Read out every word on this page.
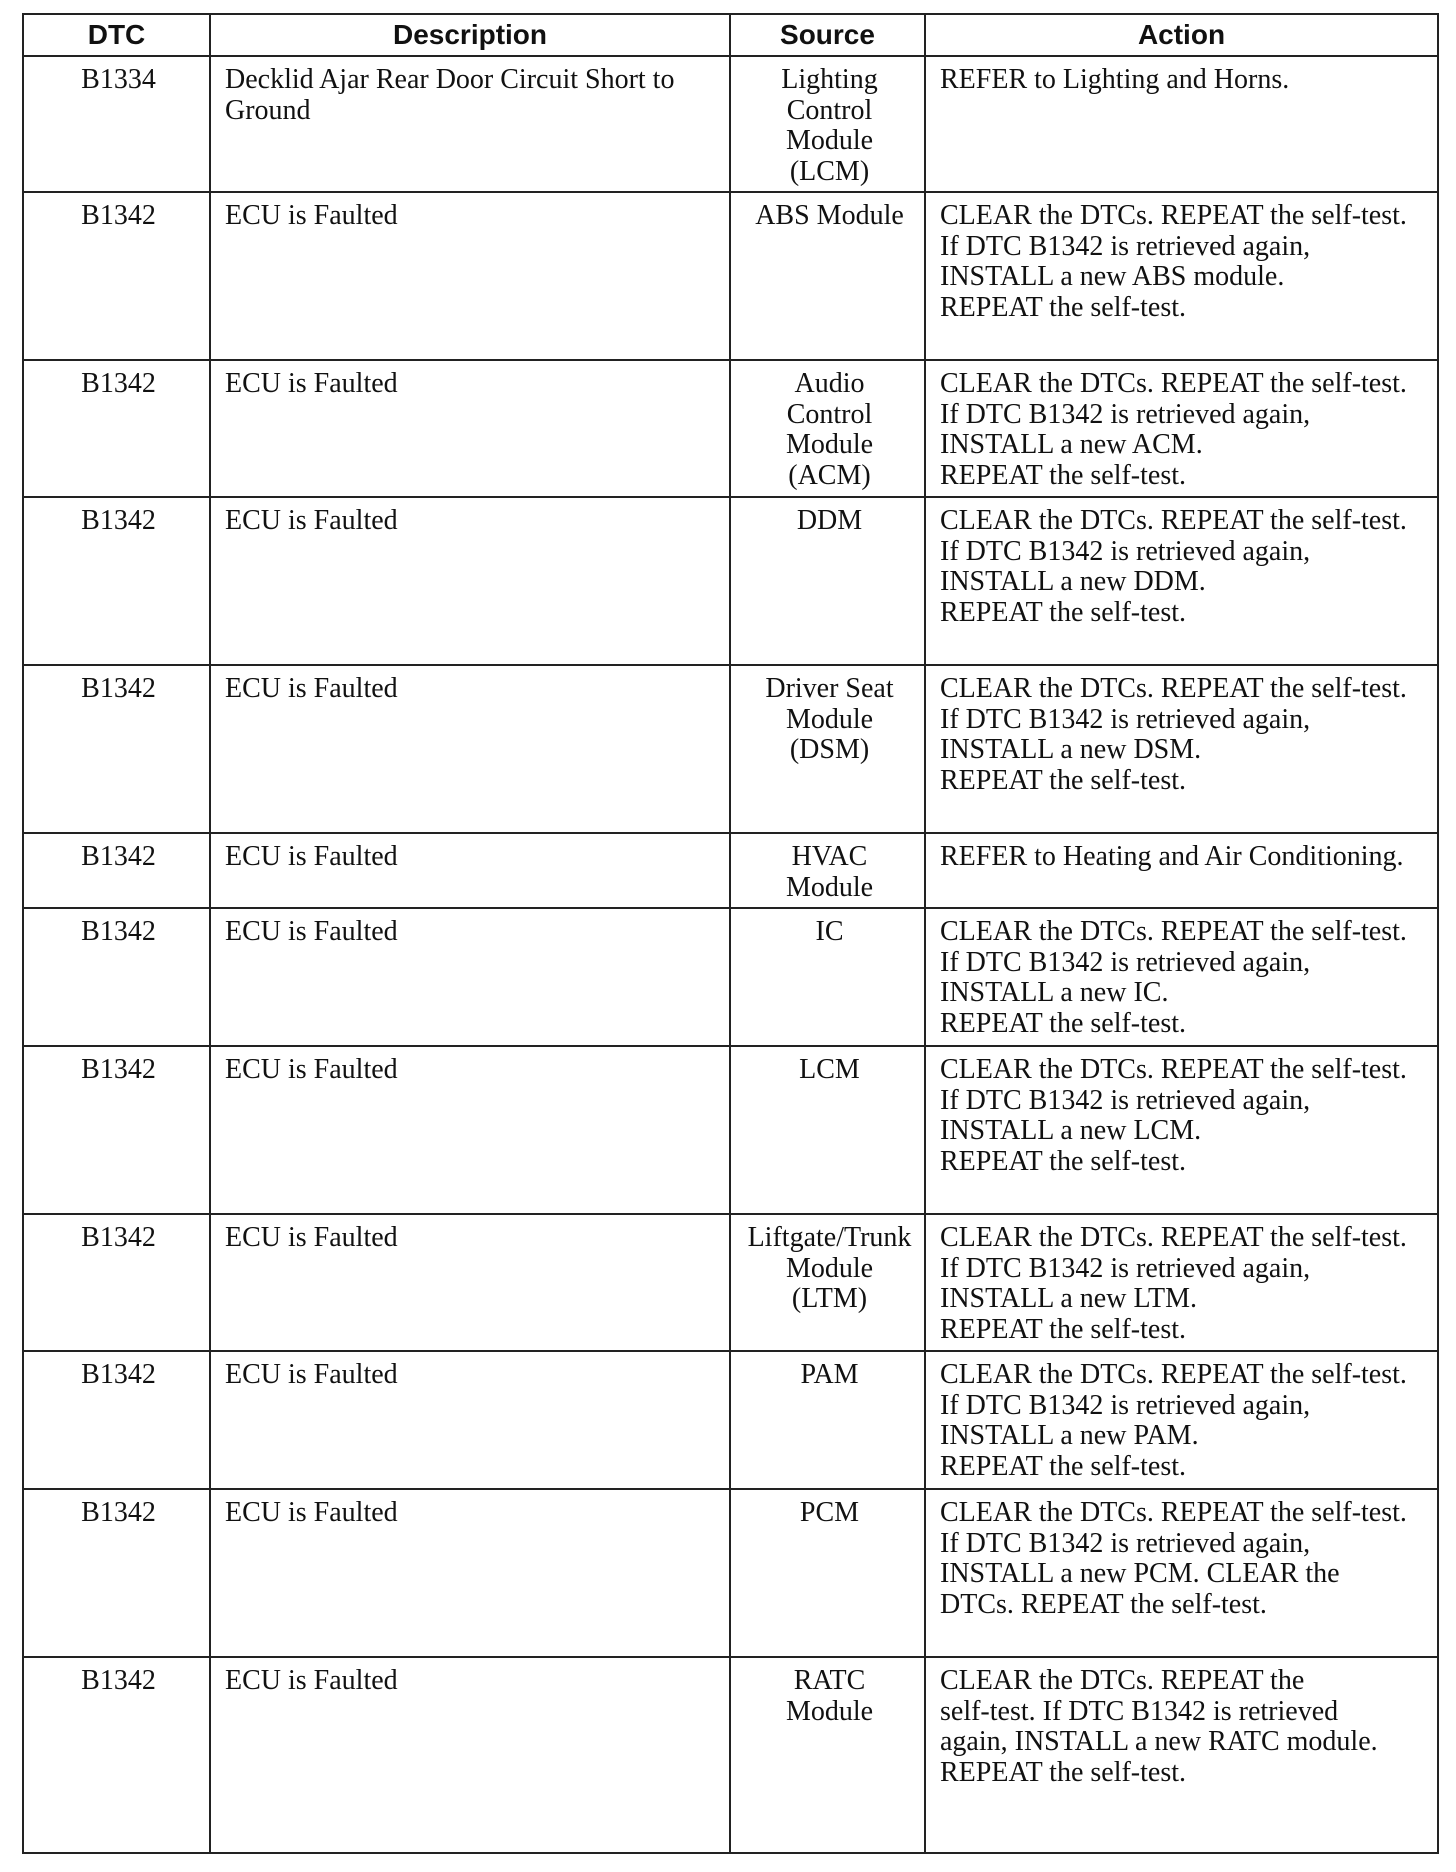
DTC	Description	Source	Action
B1334	Decklid Ajar Rear Door Circuit Short to Ground	Lighting
Control
Module
(LCM)	REFER to Lighting and Horns.
B1342	ECU is Faulted	ABS Module	CLEAR the DTCs. REPEAT the self-test.
If DTC B1342 is retrieved again,
INSTALL a new ABS module.
REPEAT the self-test.
B1342	ECU is Faulted	Audio
Control
Module
(ACM)	CLEAR the DTCs. REPEAT the self-test.
If DTC B1342 is retrieved again,
INSTALL a new ACM.
REPEAT the self-test.
B1342	ECU is Faulted	DDM	CLEAR the DTCs. REPEAT the self-test.
If DTC B1342 is retrieved again,
INSTALL a new DDM.
REPEAT the self-test.
B1342	ECU is Faulted	Driver Seat
Module
(DSM)	CLEAR the DTCs. REPEAT the self-test.
If DTC B1342 is retrieved again,
INSTALL a new DSM.
REPEAT the self-test.
B1342	ECU is Faulted	HVAC
Module	REFER to Heating and Air Conditioning.
B1342	ECU is Faulted	IC	CLEAR the DTCs. REPEAT the self-test.
If DTC B1342 is retrieved again,
INSTALL a new IC.
REPEAT the self-test.
B1342	ECU is Faulted	LCM	CLEAR the DTCs. REPEAT the self-test.
If DTC B1342 is retrieved again,
INSTALL a new LCM.
REPEAT the self-test.
B1342	ECU is Faulted	Liftgate/Trunk
Module
(LTM)	CLEAR the DTCs. REPEAT the self-test.
If DTC B1342 is retrieved again,
INSTALL a new LTM.
REPEAT the self-test.
B1342	ECU is Faulted	PAM	CLEAR the DTCs. REPEAT the self-test.
If DTC B1342 is retrieved again,
INSTALL a new PAM.
REPEAT the self-test.
B1342	ECU is Faulted	PCM	CLEAR the DTCs. REPEAT the self-test.
If DTC B1342 is retrieved again,
INSTALL a new PCM. CLEAR the
DTCs. REPEAT the self-test.
B1342	ECU is Faulted	RATC
Module	CLEAR the DTCs. REPEAT the
self-test. If DTC B1342 is retrieved
again, INSTALL a new RATC module.
REPEAT the self-test.
